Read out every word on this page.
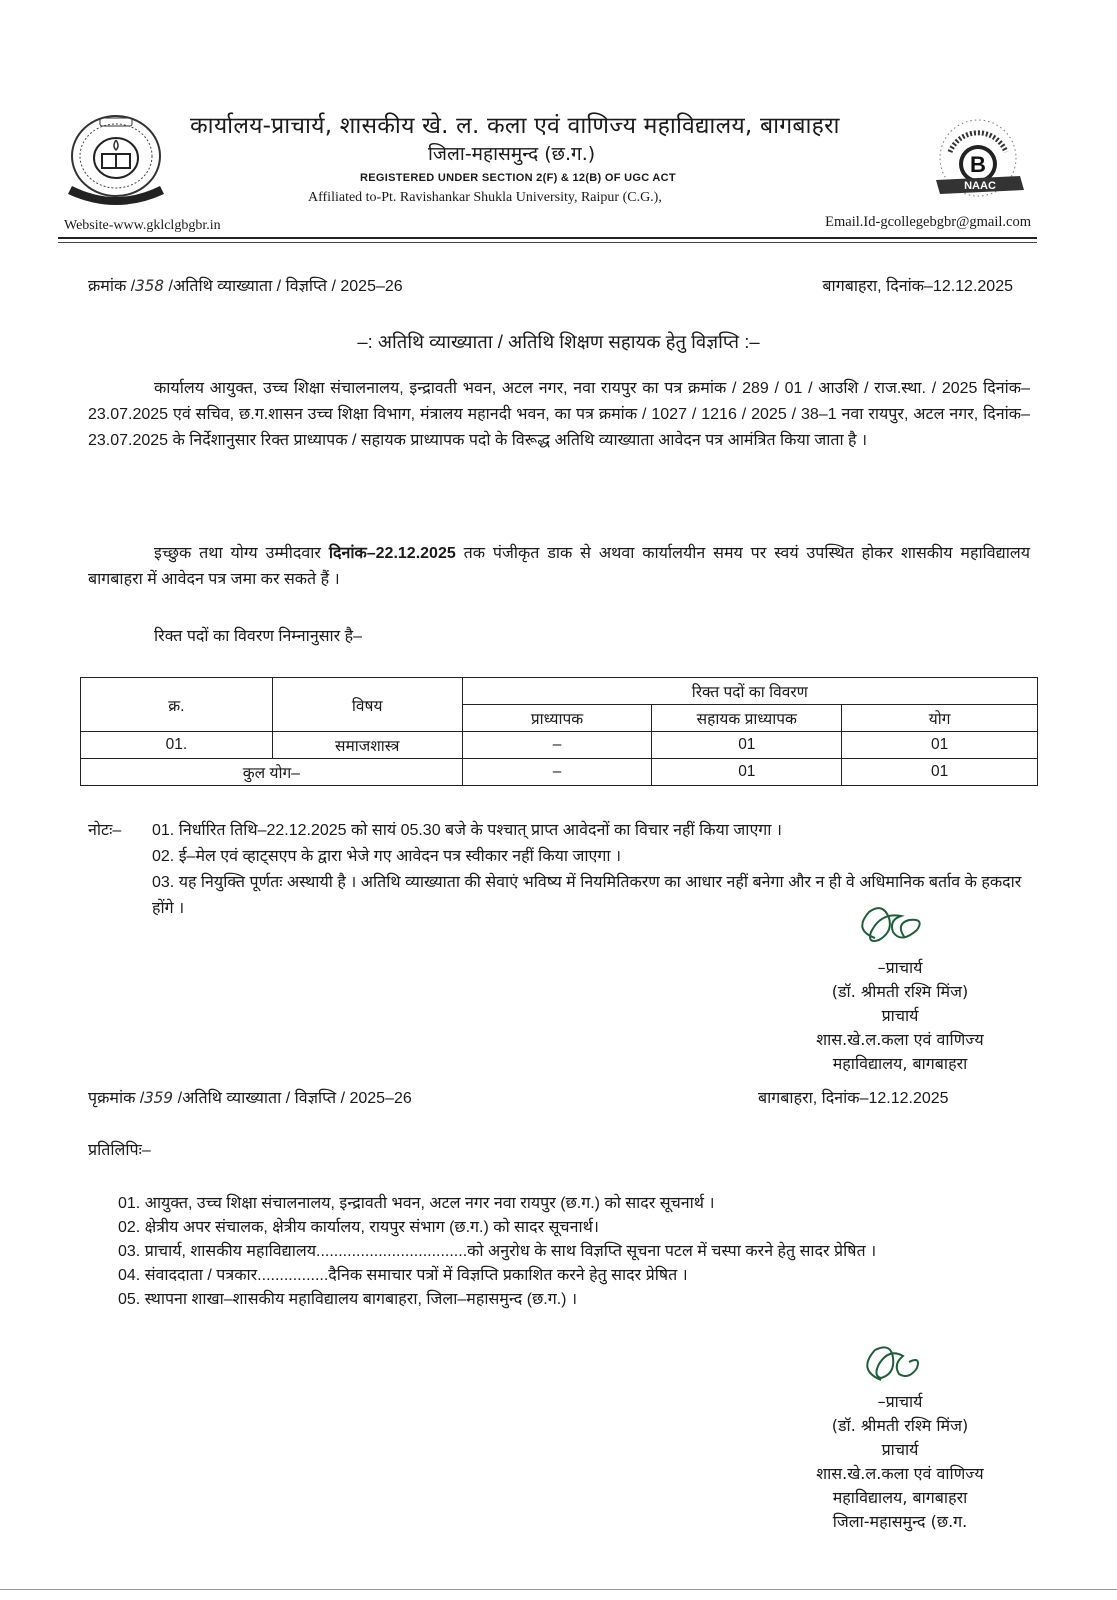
कार्यालय-प्राचार्य, शासकीय खे. ल. कला एवं वाणिज्य महाविद्यालय, बागबाहरा
जिला-महासमुन्द (छ.ग.)
REGISTERED UNDER SECTION 2(F) & 12(B) OF UGC ACT
Affiliated to-Pt. Ravishankar Shukla University, Raipur (C.G.),
B
NAAC
Website-www.gklclgbgbr.in	Email.Id-gcollegebgbr@gmail.com
क्रमांक /358 /अतिथि व्याख्याता / विज्ञप्ति / 2025–26	बागबाहरा, दिनांक–12.12.2025
–: अतिथि व्याख्याता / अतिथि शिक्षण सहायक हेतु विज्ञप्ति :–
कार्यालय आयुक्त, उच्च शिक्षा संचालनालय, इन्द्रावती भवन, अटल नगर, नवा रायपुर का पत्र क्रमांक / 289 / 01 / आउशि / राज.स्था. / 2025 दिनांक–23.07.2025 एवं सचिव, छ.ग.शासन उच्च शिक्षा विभाग, मंत्रालय महानदी भवन, का पत्र क्रमांक / 1027 / 1216 / 2025 / 38–1 नवा रायपुर, अटल नगर, दिनांक–23.07.2025 के निर्देशानुसार रिक्त प्राध्यापक / सहायक प्राध्यापक पदो के विरूद्ध अतिथि व्याख्याता आवेदन पत्र आमंत्रित किया जाता है ।
इच्छुक तथा योग्य उम्मीदवार दिनांक–22.12.2025 तक पंजीकृत डाक से अथवा कार्यालयीन समय पर स्वयं उपस्थित होकर शासकीय महाविद्यालय बागबाहरा में आवेदन पत्र जमा कर सकते हैं ।
रिक्त पदों का विवरण निम्नानुसार है–
क्र.	विषय	रिक्त पदों का विवरण		
		प्राध्यापक	सहायक प्राध्यापक	योग
01.	समाजशास्त्र	–	01	01
कुल योग–		–	01	01
नोटः– 01. निर्धारित तिथि–22.12.2025 को सायं 05.30 बजे के पश्चात् प्राप्त आवेदनों का विचार नहीं किया जाएगा ।

02. ई–मेल एवं व्हाट्सएप के द्वारा भेजे गए आवेदन पत्र स्वीकार नहीं किया जाएगा ।

03. यह नियुक्ति पूर्णतः अस्थायी है । अतिथि व्याख्याता की सेवाएं भविष्य में नियमितिकरण का आधार नहीं बनेगा और न ही वे अधिमानिक बर्ताव के हकदार होंगे ।

–प्राचार्य
(डॉ. श्रीमती रश्मि मिंज)
प्राचार्य
शास.खे.ल.कला एवं वाणिज्य
महाविद्यालय, बागबाहरा
पृक्रमांक /359 /अतिथि व्याख्याता / विज्ञप्ति / 2025–26	बागबाहरा, दिनांक–12.12.2025
प्रतिलिपिः–

01. आयुक्त, उच्च शिक्षा संचालनालय, इन्द्रावती भवन, अटल नगर नवा रायपुर (छ.ग.) को सादर सूचनार्थ ।

02. क्षेत्रीय अपर संचालक, क्षेत्रीय कार्यालय, रायपुर संभाग (छ.ग.) को सादर सूचनार्थ।

03. प्राचार्य, शासकीय महाविद्यालय..................................को अनुरोध के साथ विज्ञप्ति सूचना पटल में चस्पा करने हेतु सादर प्रेषित ।

04. संवाददाता / पत्रकार................दैनिक समाचार पत्रों में विज्ञप्ति प्रकाशित करने हेतु सादर प्रेषित ।

05. स्थापना शाखा–शासकीय महाविद्यालय बागबाहरा, जिला–महासमुन्द (छ.ग.) ।

–प्राचार्य
(डॉ. श्रीमती रश्मि मिंज)
प्राचार्य
शास.खे.ल.कला एवं वाणिज्य
महाविद्यालय, बागबाहरा
जिला-महासमुन्द (छ.ग.
